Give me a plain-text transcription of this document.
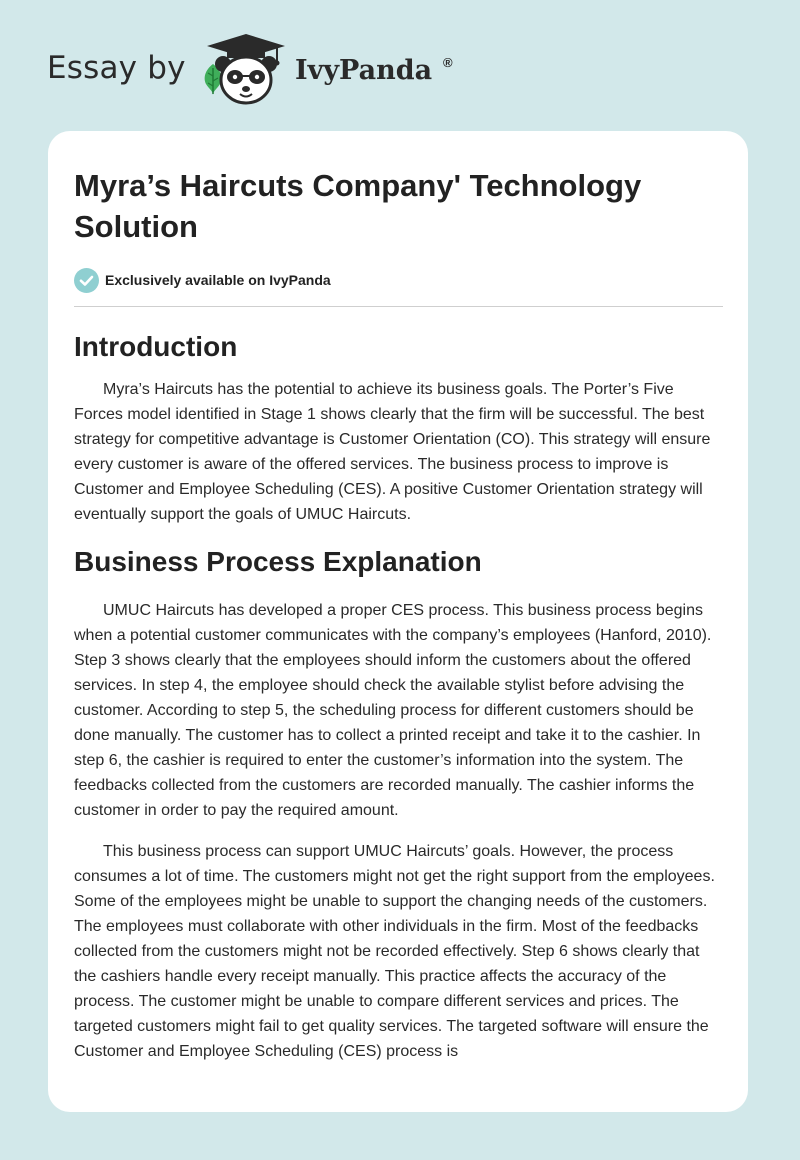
Essay by	IvyPanda ®
Myra’s Haircuts Company' Technology Solution
Exclusively available on IvyPanda
Introduction

Myra’s Haircuts has the potential to achieve its business goals. The Porter’s Five Forces model identified in Stage 1 shows clearly that the firm will be successful. The best strategy for competitive advantage is Customer Orientation (CO). This strategy will ensure every customer is aware of the offered services. The business process to improve is Customer and Employee Scheduling (CES). A positive Customer Orientation strategy will eventually support the goals of UMUC Haircuts.

Business Process Explanation

UMUC Haircuts has developed a proper CES process. This business process begins when a potential customer communicates with the company’s employees (Hanford, 2010). Step 3 shows clearly that the employees should inform the customers about the offered services. In step 4, the employee should check the available stylist before advising the customer. According to step 5, the scheduling process for different customers should be done manually. The customer has to collect a printed receipt and take it to the cashier. In step 6, the cashier is required to enter the customer’s information into the system. The feedbacks collected from the customers are recorded manually. The cashier informs the customer in order to pay the required amount.

This business process can support UMUC Haircuts’ goals. However, the process consumes a lot of time. The customers might not get the right support from the employees. Some of the employees might be unable to support the changing needs of the customers. The employees must collaborate with other individuals in the firm. Most of the feedbacks collected from the customers might not be recorded effectively. Step 6 shows clearly that the cashiers handle every receipt manually. This practice affects the accuracy of the process. The customer might be unable to compare different services and prices. The targeted customers might fail to get quality services. The targeted software will ensure the Customer and Employee Scheduling (CES) process is
